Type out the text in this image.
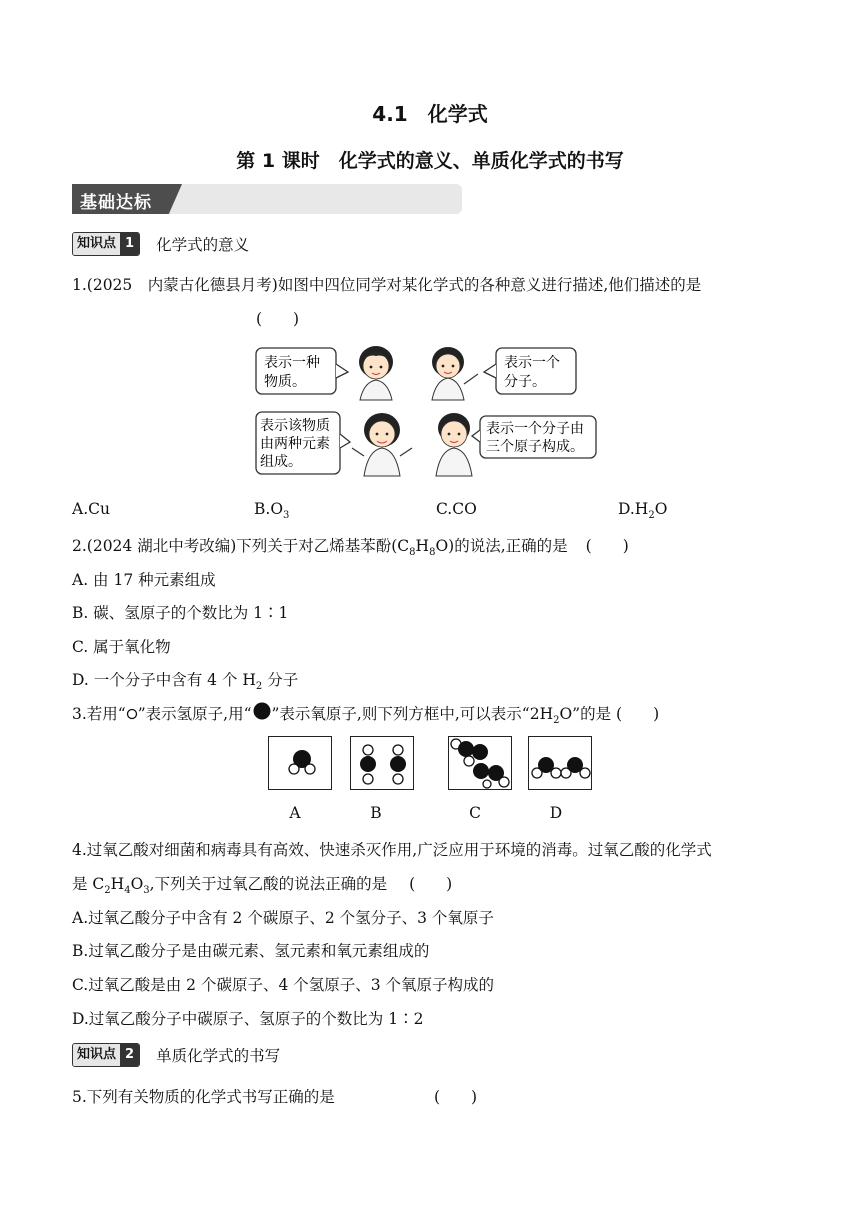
4.1　化学式
第 1 课时　化学式的意义、单质化学式的书写
基础达标
知识点 1	化学式的意义
1.(2025　内蒙古化德县月考)如图中四位同学对某化学式的各种意义进行描述,他们描述的是
(　　)
表示一种
物质。
表示一个
分子。
表示该物质
由两种元素
组成。
表示一个分子由
三个原子构成。
A.Cu	$B.O_3$	C.CO	$D.H_2O$
2.(2024 湖北中考改编)下列关于对乙烯基苯酚$(C_8H_8O)$的说法,正确的是 (　　)
A. 由 17 种元素组成
B. 碳、氢原子的个数比为 1∶1
C. 属于氧化物
D. 一个分子中含有 4 个 $H_2$ 分子
3.若用“ ”表示氢原子,用“ ”表示氧原子,则下列方框中,可以表示“$2H_2O$”的是 (　　)
A	B	C	D
4.过氧乙酸对细菌和病毒具有高效、快速杀灭作用,广泛应用于环境的消毒。过氧乙酸的化学式
是 $C_2H_4O_3$,下列关于过氧乙酸的说法正确的是 (　　)
A.过氧乙酸分子中含有 2 个碳原子、2 个氢分子、3 个氧原子
B.过氧乙酸分子是由碳元素、氢元素和氧元素组成的
C.过氧乙酸是由 2 个碳原子、4 个氢原子、3 个氧原子构成的
D.过氧乙酸分子中碳原子、氢原子的个数比为 1∶2
知识点 2	单质化学式的书写
5.下列有关物质的化学式书写正确的是	(　　)
